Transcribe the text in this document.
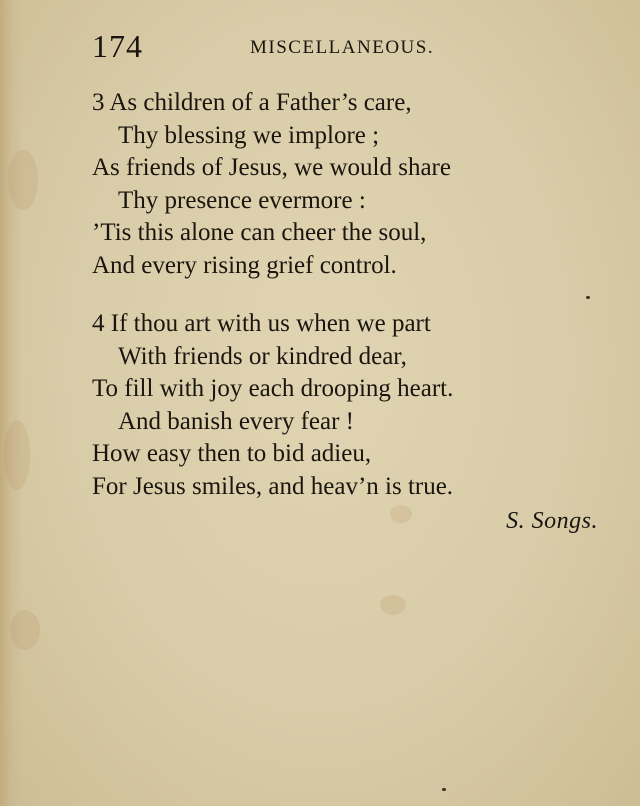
174	MISCELLANEOUS.
3 As children of a Father’s care,
Thy blessing we implore ;
As friends of Jesus, we would share
Thy presence evermore :
’Tis this alone can cheer the soul,
And every rising grief control.
4 If thou art with us when we part
With friends or kindred dear,
To fill with joy each drooping heart.
And banish every fear !
How easy then to bid adieu,
For Jesus smiles, and heav’n is true.
S. Songs.
